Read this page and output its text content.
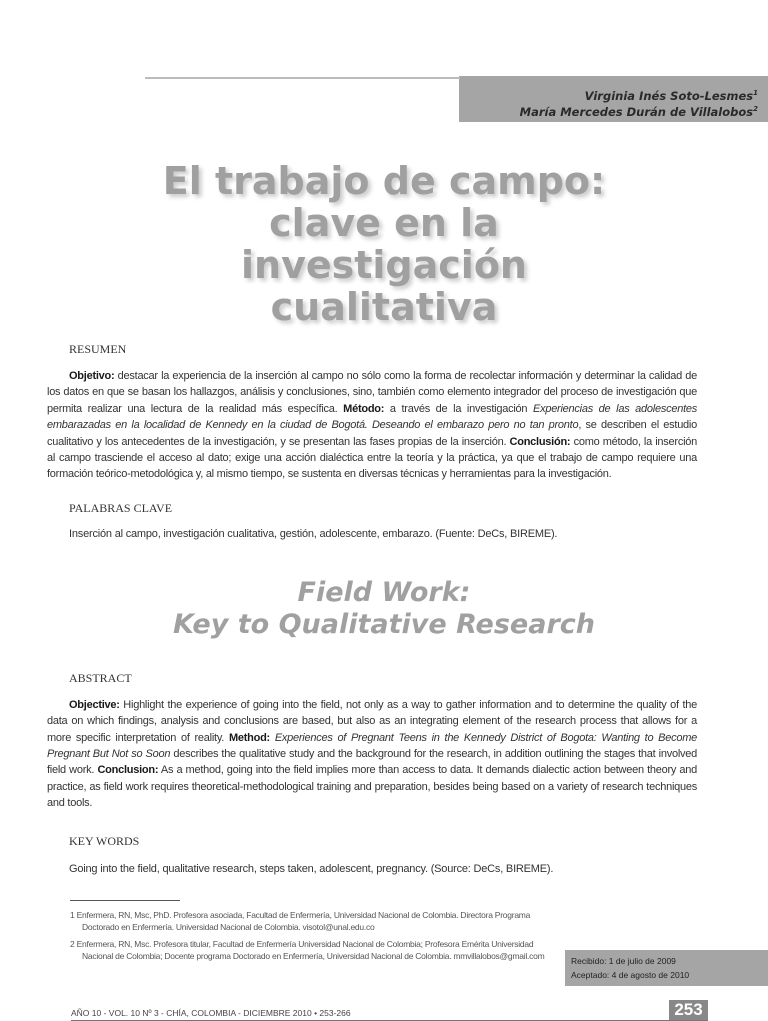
Virginia Inés Soto-Lesmes$^1$
María Mercedes Durán de Villalobos$^2$
El trabajo de campo: clave en la investigación cualitativa
RESUMEN
Objetivo: destacar la experiencia de la inserción al campo no sólo como la forma de recolectar información y determinar la calidad de los datos en que se basan los hallazgos, análisis y conclusiones, sino, también como elemento integrador del proceso de investigación que permita realizar una lectura de la realidad más específica. Método: a través de la investigación Experiencias de las adolescentes embarazadas en la localidad de Kennedy en la ciudad de Bogotá. Deseando el embarazo pero no tan pronto, se describen el estudio cualitativo y los antecedentes de la investigación, y se presentan las fases propias de la inserción. Conclusión: como método, la inserción al campo trasciende el acceso al dato; exige una acción dialéctica entre la teoría y la práctica, ya que el trabajo de campo requiere una formación teórico-metodológica y, al mismo tiempo, se sustenta en diversas técnicas y herramientas para la investigación.
PALABRAS CLAVE
Inserción al campo, investigación cualitativa, gestión, adolescente, embarazo. (Fuente: DeCs, BIREME).
Field Work:
Key to Qualitative Research
ABSTRACT
Objective: Highlight the experience of going into the field, not only as a way to gather information and to determine the quality of the data on which findings, analysis and conclusions are based, but also as an integrating element of the research process that allows for a more specific interpretation of reality. Method: Experiences of Pregnant Teens in the Kennedy District of Bogota: Wanting to Become Pregnant But Not so Soon describes the qualitative study and the background for the research, in addition outlining the stages that involved field work. Conclusion: As a method, going into the field implies more than access to data. It demands dialectic action between theory and practice, as field work requires theoretical-methodological training and preparation, besides being based on a variety of research techniques and tools.
KEY WORDS
Going into the field, qualitative research, steps taken, adolescent, pregnancy. (Source: DeCs, BIREME).
1 Enfermera, RN, Msc, PhD. Profesora asociada, Facultad de Enfermería, Universidad Nacional de Colombia. Directora Programa Doctorado en Enfermería. Universidad Nacional de Colombia. visotol@unal.edu.co
2 Enfermera, RN, Msc. Profesora titular, Facultad de Enfermería Universidad Nacional de Colombia; Profesora Emérita Universidad Nacional de Colombia; Docente programa Doctorado en Enfermería, Universidad Nacional de Colombia. mmvillalobos@gmail.com	Recibido: 1 de julio de 2009
Aceptado: 4 de agosto de 2010
AÑO 10 - VOL. 10 Nº 3 - CHÍA, COLOMBIA - DICIEMBRE 2010 • 253-266	253
